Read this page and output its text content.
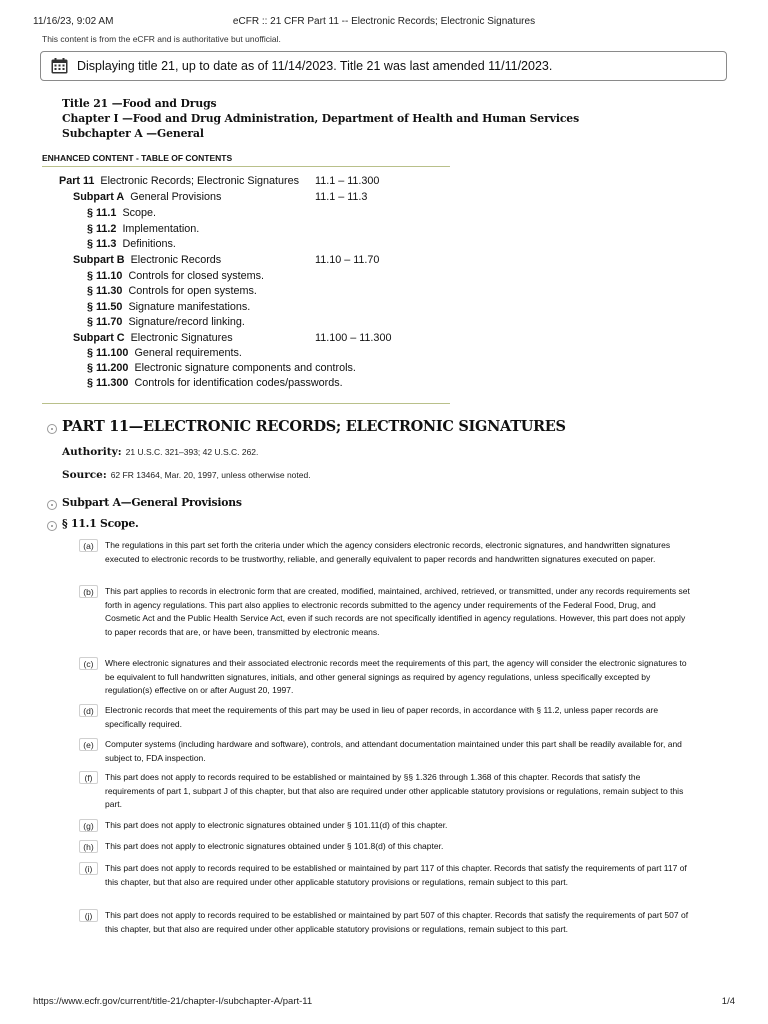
11/16/23, 9:02 AM	eCFR :: 21 CFR Part 11 -- Electronic Records; Electronic Signatures
This content is from the eCFR and is authoritative but unofficial.
Displaying title 21, up to date as of 11/14/2023. Title 21 was last amended 11/11/2023.
Title 21 —Food and Drugs
Chapter I —Food and Drug Administration, Department of Health and Human Services
Subchapter A —General
ENHANCED CONTENT - TABLE OF CONTENTS
Part 11 Electronic Records; Electronic Signatures 11.1 – 11.300
Subpart A General Provisions	11.1 – 11.3
§ 11.1 Scope.
§ 11.2 Implementation.
§ 11.3 Definitions.
Subpart B Electronic Records	11.10 – 11.70
§ 11.10 Controls for closed systems.
§ 11.30 Controls for open systems.
§ 11.50 Signature manifestations.
§ 11.70 Signature/record linking.
Subpart C Electronic Signatures	11.100 – 11.300
§ 11.100 General requirements.
§ 11.200 Electronic signature components and controls.
§ 11.300 Controls for identification codes/passwords.
PART 11—ELECTRONIC RECORDS; ELECTRONIC SIGNATURES
Authority: 21 U.S.C. 321–393; 42 U.S.C. 262.
Source: 62 FR 13464, Mar. 20, 1997, unless otherwise noted.
Subpart A—General Provisions
§ 11.1 Scope.
(a)	The regulations in this part set forth the criteria under which the agency considers electronic records, electronic signatures, and handwritten signatures executed to electronic records to be trustworthy, reliable, and generally equivalent to paper records and handwritten signatures executed on paper.
(b)	This part applies to records in electronic form that are created, modified, maintained, archived, retrieved, or transmitted, under any records requirements set forth in agency regulations. This part also applies to electronic records submitted to the agency under requirements of the Federal Food, Drug, and Cosmetic Act and the Public Health Service Act, even if such records are not specifically identified in agency regulations. However, this part does not apply to paper records that are, or have been, transmitted by electronic means.
(c)	Where electronic signatures and their associated electronic records meet the requirements of this part, the agency will consider the electronic signatures to be equivalent to full handwritten signatures, initials, and other general signings as required by agency regulations, unless specifically excepted by regulation(s) effective on or after August 20, 1997.
(d)	Electronic records that meet the requirements of this part may be used in lieu of paper records, in accordance with § 11.2, unless paper records are specifically required.
(e)	Computer systems (including hardware and software), controls, and attendant documentation maintained under this part shall be readily available for, and subject to, FDA inspection.
(f)	This part does not apply to records required to be established or maintained by §§ 1.326 through 1.368 of this chapter. Records that satisfy the requirements of part 1, subpart J of this chapter, but that also are required under other applicable statutory provisions or regulations, remain subject to this part.
(g)	This part does not apply to electronic signatures obtained under § 101.11(d) of this chapter.
(h)	This part does not apply to electronic signatures obtained under § 101.8(d) of this chapter.
(i)	This part does not apply to records required to be established or maintained by part 117 of this chapter. Records that satisfy the requirements of part 117 of this chapter, but that also are required under other applicable statutory provisions or regulations, remain subject to this part.
(j)	This part does not apply to records required to be established or maintained by part 507 of this chapter. Records that satisfy the requirements of part 507 of this chapter, but that also are required under other applicable statutory provisions or regulations, remain subject to this part.
https://www.ecfr.gov/current/title-21/chapter-I/subchapter-A/part-11	1/4
